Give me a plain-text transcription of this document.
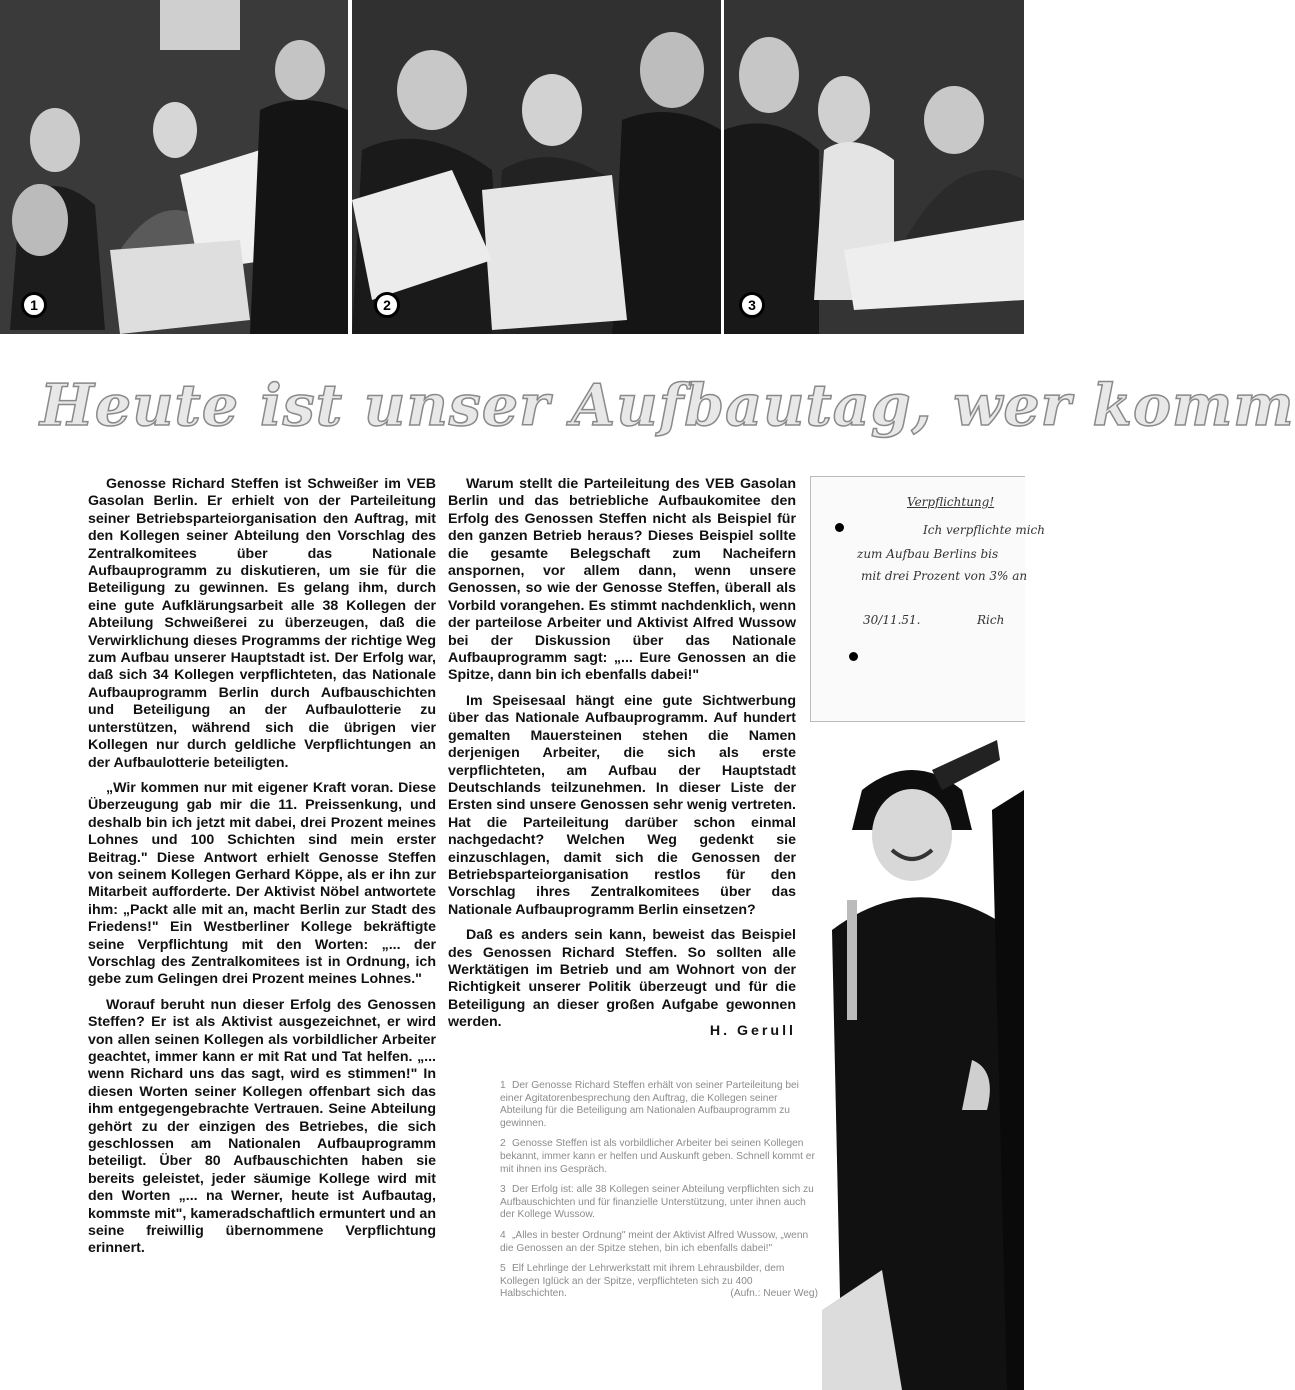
1	2	3
Heute ist unser Aufbautag, wer komm

Genosse Richard Steffen ist Schweißer im VEB Gasolan Berlin. Er erhielt von der Parteileitung seiner Betriebsparteiorganisation den Auftrag, mit den Kollegen seiner Abteilung den Vorschlag des Zentralkomitees über das Nationale Aufbauprogramm zu diskutieren, um sie für die Beteiligung zu gewinnen. Es gelang ihm, durch eine gute Aufklärungsarbeit alle 38 Kollegen der Abteilung Schweißerei zu überzeugen, daß die Verwirklichung dieses Programms der richtige Weg zum Aufbau unserer Hauptstadt ist. Der Erfolg war, daß sich 34 Kollegen verpflichteten, das Nationale Aufbauprogramm Berlin durch Aufbauschichten und Beteiligung an der Aufbaulotterie zu unterstützen, während sich die übrigen vier Kollegen nur durch geldliche Verpflichtungen an der Aufbaulotterie beteiligten.

„Wir kommen nur mit eigener Kraft voran. Diese Überzeugung gab mir die 11. Preissenkung, und deshalb bin ich jetzt mit dabei, drei Prozent meines Lohnes und 100 Schichten sind mein erster Beitrag." Diese Antwort erhielt Genosse Steffen von seinem Kollegen Gerhard Köppe, als er ihn zur Mitarbeit aufforderte. Der Aktivist Nöbel antwortete ihm: „Packt alle mit an, macht Berlin zur Stadt des Friedens!" Ein Westberliner Kollege bekräftigte seine Verpflichtung mit den Worten: „... der Vorschlag des Zentralkomitees ist in Ordnung, ich gebe zum Gelingen drei Prozent meines Lohnes."

Worauf beruht nun dieser Erfolg des Genossen Steffen? Er ist als Aktivist ausgezeichnet, er wird von allen seinen Kollegen als vorbildlicher Arbeiter geachtet, immer kann er mit Rat und Tat helfen. „... wenn Richard uns das sagt, wird es stimmen!" In diesen Worten seiner Kollegen offenbart sich das ihm entgegengebrachte Vertrauen. Seine Abteilung gehört zu der einzigen des Betriebes, die sich geschlossen am Nationalen Aufbauprogramm beteiligt. Über 80 Aufbauschichten haben sie bereits geleistet, jeder säumige Kollege wird mit den Worten „... na Werner, heute ist Aufbautag, kommste mit", kameradschaftlich ermuntert und an seine freiwillig übernommene Verpflichtung erinnert.

Warum stellt die Parteileitung des VEB Gasolan Berlin und das betriebliche Aufbaukomitee den Erfolg des Genossen Steffen nicht als Beispiel für den ganzen Betrieb heraus? Dieses Beispiel sollte die gesamte Belegschaft zum Nacheifern anspornen, vor allem dann, wenn unsere Genossen, so wie der Genosse Steffen, überall als Vorbild vorangehen. Es stimmt nachdenklich, wenn der parteilose Arbeiter und Aktivist Alfred Wussow bei der Diskussion über das Nationale Aufbauprogramm sagt: „... Eure Genossen an die Spitze, dann bin ich ebenfalls dabei!"

Im Speisesaal hängt eine gute Sichtwerbung über das Nationale Aufbauprogramm. Auf hundert gemalten Mauersteinen stehen die Namen derjenigen Arbeiter, die sich als erste verpflichteten, am Aufbau der Hauptstadt Deutschlands teilzunehmen. In dieser Liste der Ersten sind unsere Genossen sehr wenig vertreten. Hat die Parteileitung darüber schon einmal nachgedacht? Welchen Weg gedenkt sie einzuschlagen, damit sich die Genossen der Betriebsparteiorganisation restlos für den Vorschlag ihres Zentralkomitees über das Nationale Aufbauprogramm Berlin einsetzen?

Daß es anders sein kann, beweist das Beispiel des Genossen Richard Steffen. So sollten alle Werktätigen im Betrieb und am Wohnort von der Richtigkeit unserer Politik überzeugt und für die Beteiligung an dieser großen Aufgabe gewonnen werden.

H. Gerull
Verpflichtung!
Ich verpflichte mich
zum Aufbau Berlins bis
mit drei Prozent von 3% an
30/11.51.	Rich
1 Der Genosse Richard Steffen erhält von seiner Parteileitung bei einer Agitatorenbesprechung den Auftrag, die Kollegen seiner Abteilung für die Beteiligung am Nationalen Aufbauprogramm zu gewinnen.
2 Genosse Steffen ist als vorbildlicher Arbeiter bei seinen Kollegen bekannt, immer kann er helfen und Auskunft geben. Schnell kommt er mit ihnen ins Gespräch.
3 Der Erfolg ist: alle 38 Kollegen seiner Abteilung verpflichten sich zu Aufbauschichten und für finanzielle Unterstützung, unter ihnen auch der Kollege Wussow.
4 „Alles in bester Ordnung" meint der Aktivist Alfred Wussow, „wenn die Genossen an der Spitze stehen, bin ich ebenfalls dabei!"
5 Elf Lehrlinge der Lehrwerkstatt mit ihrem Lehrausbilder, dem Kollegen Iglück an der Spitze, verpflichteten sich zu 400 Halbschichten.	(Aufn.: Neuer Weg)
